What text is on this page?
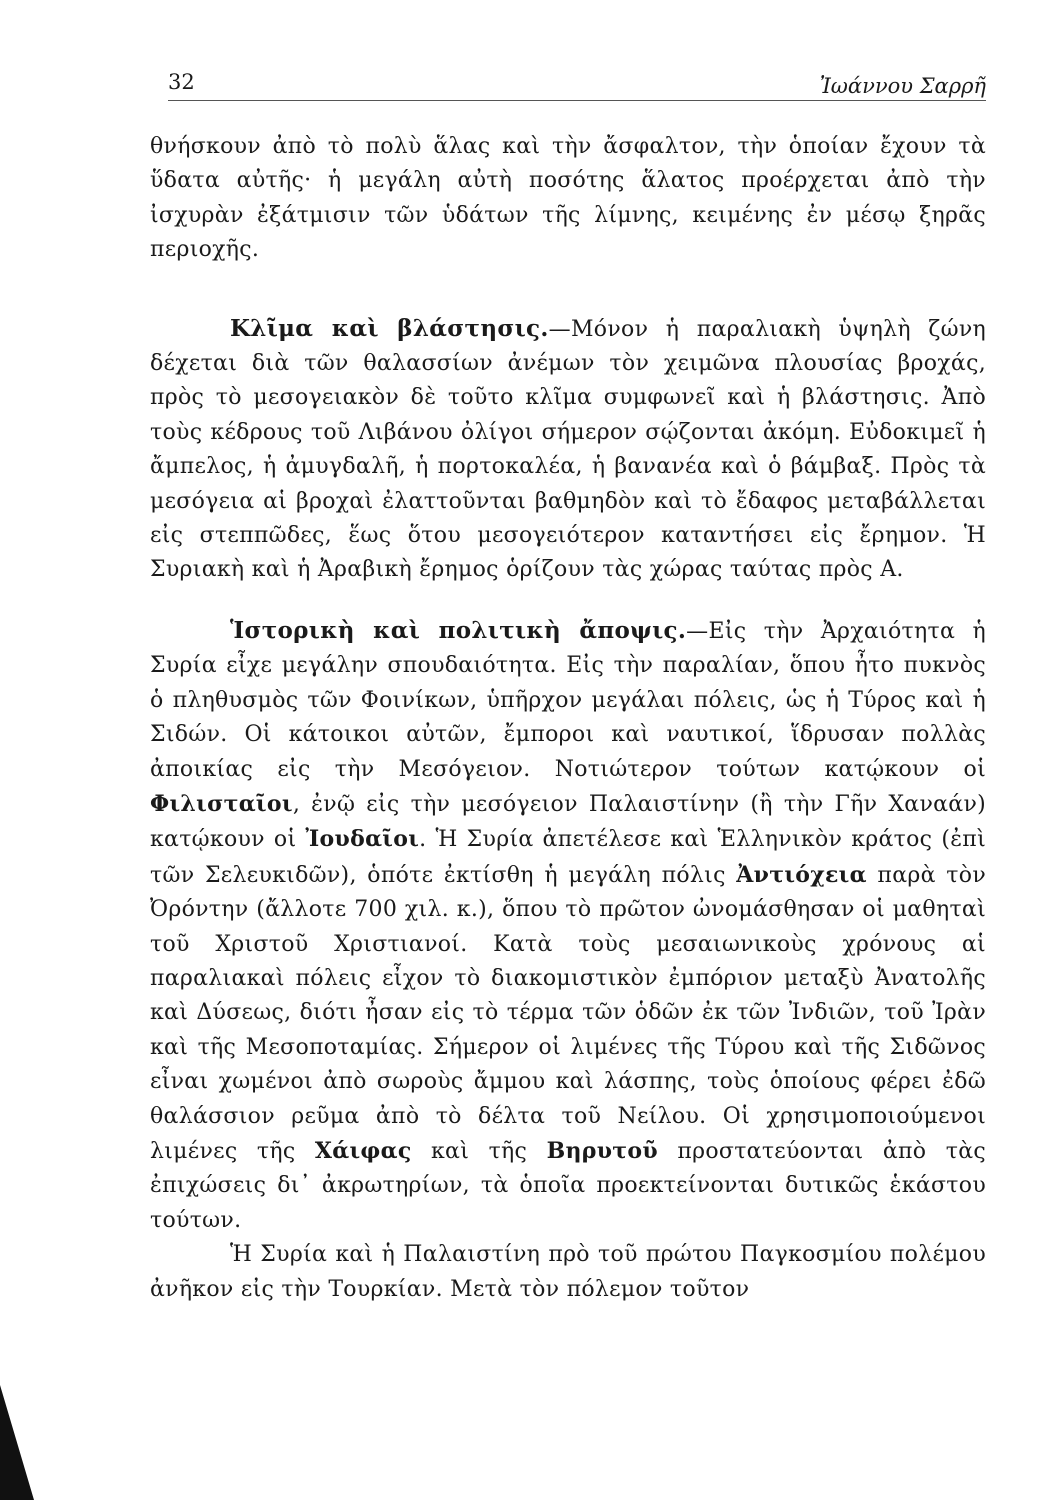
32	Ἰωάννου Σαρρῆ

θνήσκουν ἀπὸ τὸ πολὺ ἅλας καὶ τὴν ἄσφαλτον, τὴν ὁποίαν ἔχουν τὰ ὕδατα αὐτῆς· ἡ μεγάλη αὐτὴ ποσότης ἅλατος προέρχεται ἀπὸ τὴν ἰσχυρὰν ἐξάτμισιν τῶν ὑδάτων τῆς λίμνης, κειμένης ἐν μέσῳ ξηρᾶς περιοχῆς.

Κλῖμα καὶ βλάστησις.—Μόνον ἡ παραλιακὴ ὑψηλὴ ζώνη δέχεται διὰ τῶν θαλασσίων ἀνέμων τὸν χειμῶνα πλουσίας βροχάς, πρὸς τὸ μεσογειακὸν δὲ τοῦτο κλῖμα συμφωνεῖ καὶ ἡ βλάστησις. Ἀπὸ τοὺς κέδρους τοῦ Λιβάνου ὀλίγοι σήμερον σῴζονται ἀκόμη. Εὐδοκιμεῖ ἡ ἄμπελος, ἡ ἀμυγδαλῆ, ἡ πορτοκαλέα, ἡ βανανέα καὶ ὁ βάμβαξ. Πρὸς τὰ μεσόγεια αἱ βροχαὶ ἐλαττοῦνται βαθμηδὸν καὶ τὸ ἔδαφος μεταβάλλεται εἰς στεππῶδες, ἕως ὅτου μεσογειότερον καταντήσει εἰς ἔρημον. Ἡ Συριακὴ καὶ ἡ Ἀραβικὴ ἔρημος ὁρίζουν τὰς χώρας ταύτας πρὸς Α.

Ἱστορικὴ καὶ πολιτικὴ ἄποψις.—Εἰς τὴν Ἀρχαιότητα ἡ Συρία εἶχε μεγάλην σπουδαιότητα. Εἰς τὴν παραλίαν, ὅπου ἦτο πυκνὸς ὁ πληθυσμὸς τῶν Φοινίκων, ὑπῆρχον μεγάλαι πόλεις, ὡς ἡ Τύρος καὶ ἡ Σιδών. Οἱ κάτοικοι αὐτῶν, ἔμποροι καὶ ναυτικοί, ἵδρυσαν πολλὰς ἀποικίας εἰς τὴν Μεσόγειον. Νοτιώτερον τούτων κατῴκουν οἱ Φιλισταῖοι, ἐνῷ εἰς τὴν μεσόγειον Παλαιστίνην (ἢ τὴν Γῆν Χαναάν) κατῴκουν οἱ Ἰουδαῖοι. Ἡ Συρία ἀπετέλεσε καὶ Ἑλληνικὸν κράτος (ἐπὶ τῶν Σελευκιδῶν), ὁπότε ἐκτίσθη ἡ μεγάλη πόλις Ἀντιόχεια παρὰ τὸν Ὀρόντην (ἄλλοτε 700 χιλ. κ.), ὅπου τὸ πρῶτον ὠνομάσθησαν οἱ μαθηταὶ τοῦ Χριστοῦ Χριστιανοί. Κατὰ τοὺς μεσαιωνικοὺς χρόνους αἱ παραλιακαὶ πόλεις εἶχον τὸ διακομιστικὸν ἐμπόριον μεταξὺ Ἀνατολῆς καὶ Δύσεως, διότι ἦσαν εἰς τὸ τέρμα τῶν ὁδῶν ἐκ τῶν Ἰνδιῶν, τοῦ Ἰρὰν καὶ τῆς Μεσοποταμίας. Σήμερον οἱ λιμένες τῆς Τύρου καὶ τῆς Σιδῶνος εἶναι χωμένοι ἀπὸ σωροὺς ἄμμου καὶ λάσπης, τοὺς ὁποίους φέρει ἐδῶ θαλάσσιον ρεῦμα ἀπὸ τὸ δέλτα τοῦ Νείλου. Οἱ χρησιμοποιούμενοι λιμένες τῆς Χάιφας καὶ τῆς Βηρυτοῦ προστατεύονται ἀπὸ τὰς ἐπιχώσεις δι᾽ ἀκρωτηρίων, τὰ ὁποῖα προεκτείνονται δυτικῶς ἑκάστου τούτων.

Ἡ Συρία καὶ ἡ Παλαιστίνη πρὸ τοῦ πρώτου Παγκοσμίου πολέμου ἀνῆκον εἰς τὴν Τουρκίαν. Μετὰ τὸν πόλεμον τοῦτον
